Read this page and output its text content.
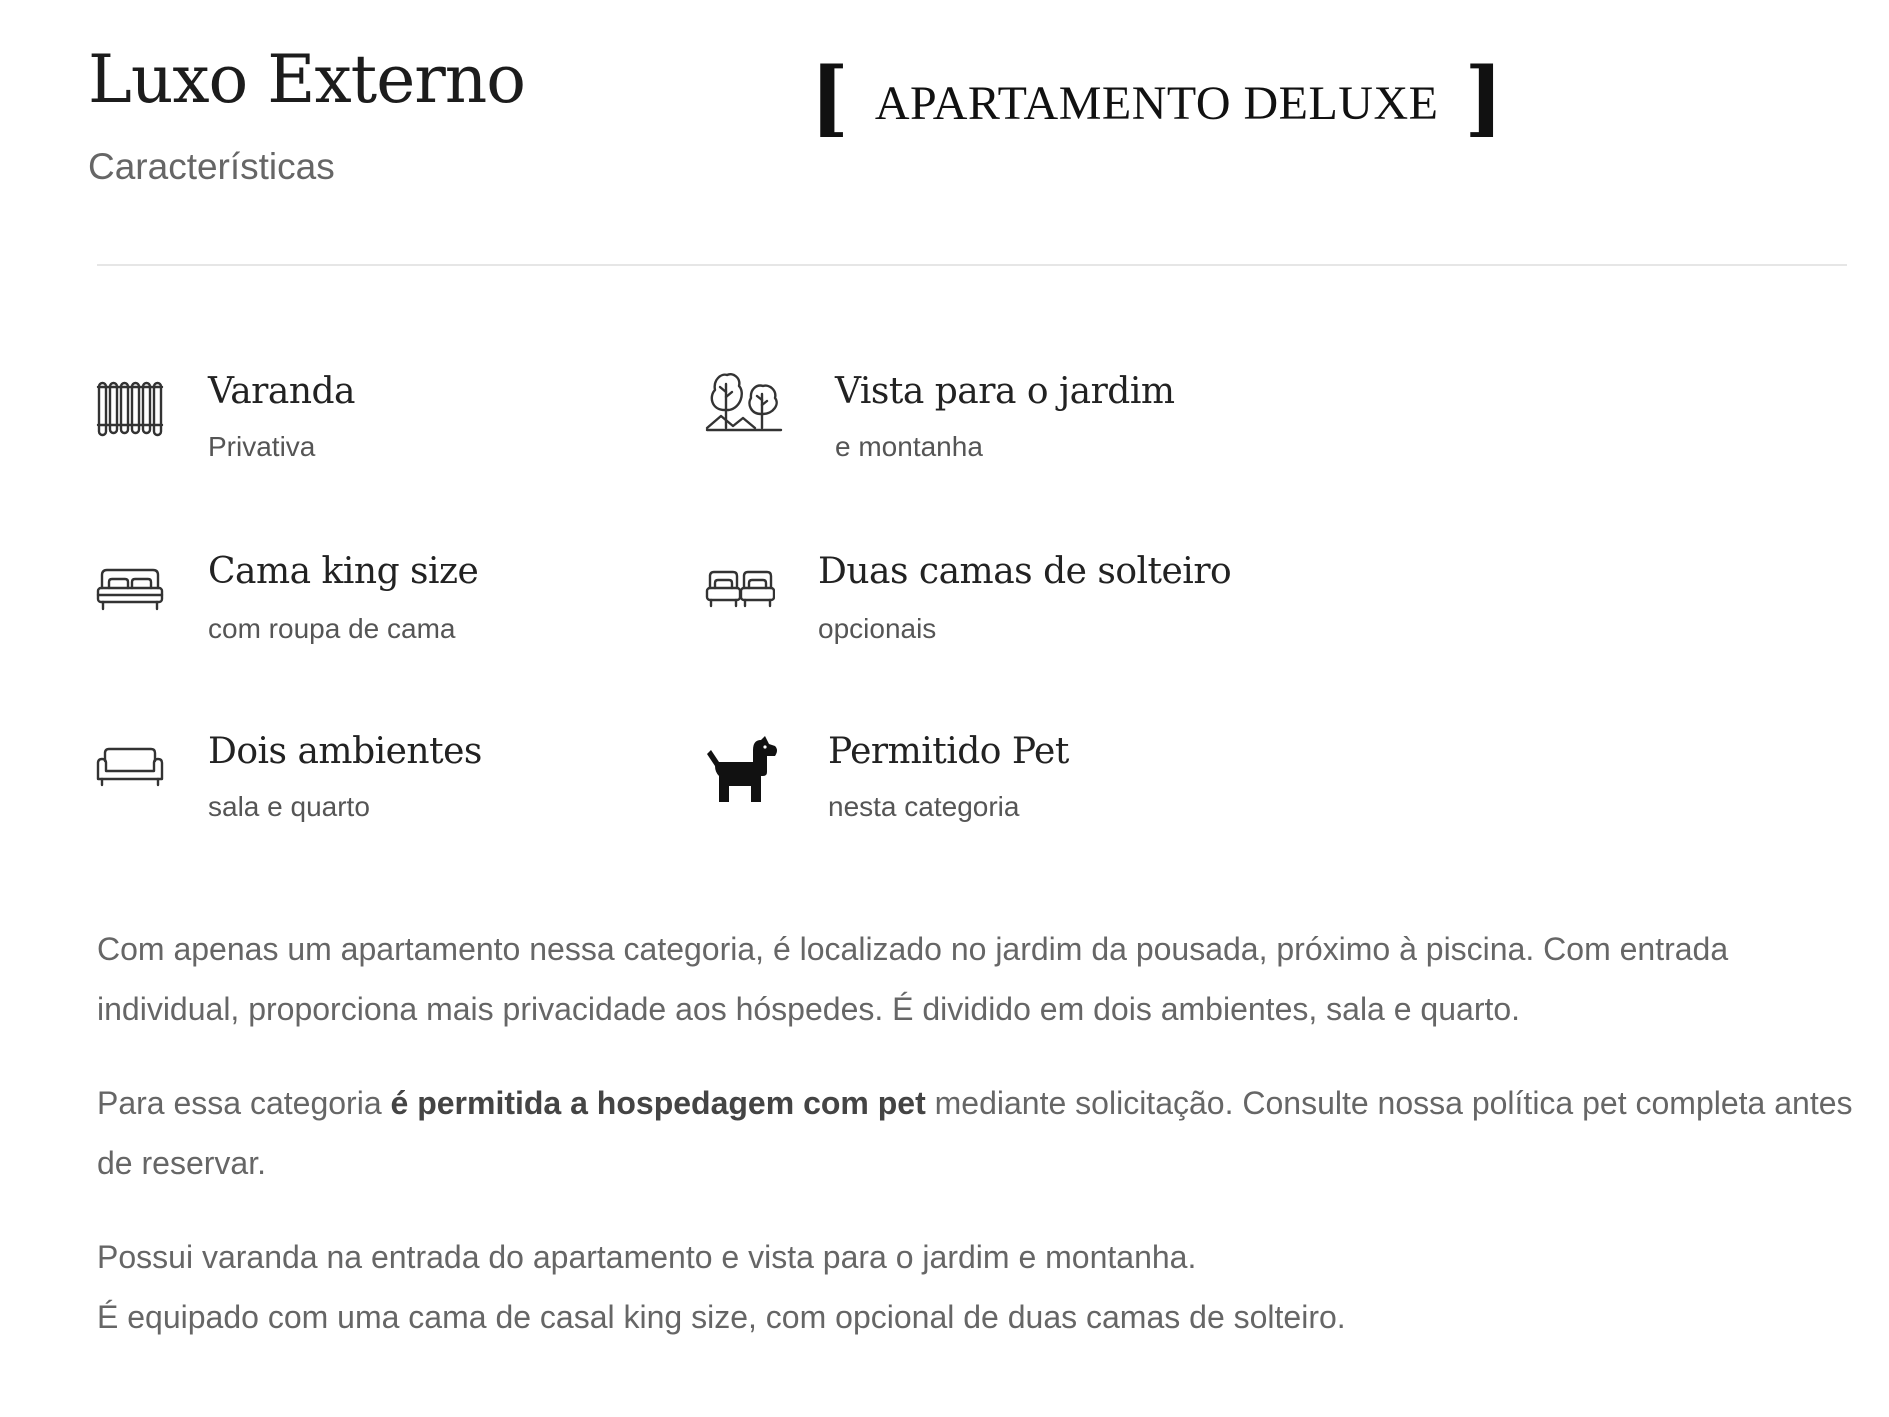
Luxo Externo
Características
[ APARTAMENTO DELUXE ]
Varanda
Privativa
Vista para o jardim
e montanha
Cama king size
com roupa de cama
Duas camas de solteiro
opcionais
Dois ambientes
sala e quarto
Permitido Pet
nesta categoria

Com apenas um apartamento nessa categoria, é localizado no jardim da pousada, próximo à piscina. Com entrada individual, proporciona mais privacidade aos hóspedes. É dividido em dois ambientes, sala e quarto.

Para essa categoria é permitida a hospedagem com pet mediante solicitação. Consulte nossa política pet completa antes de reservar.

Possui varanda na entrada do apartamento e vista para o jardim e montanha.
É equipado com uma cama de casal king size, com opcional de duas camas de solteiro.
